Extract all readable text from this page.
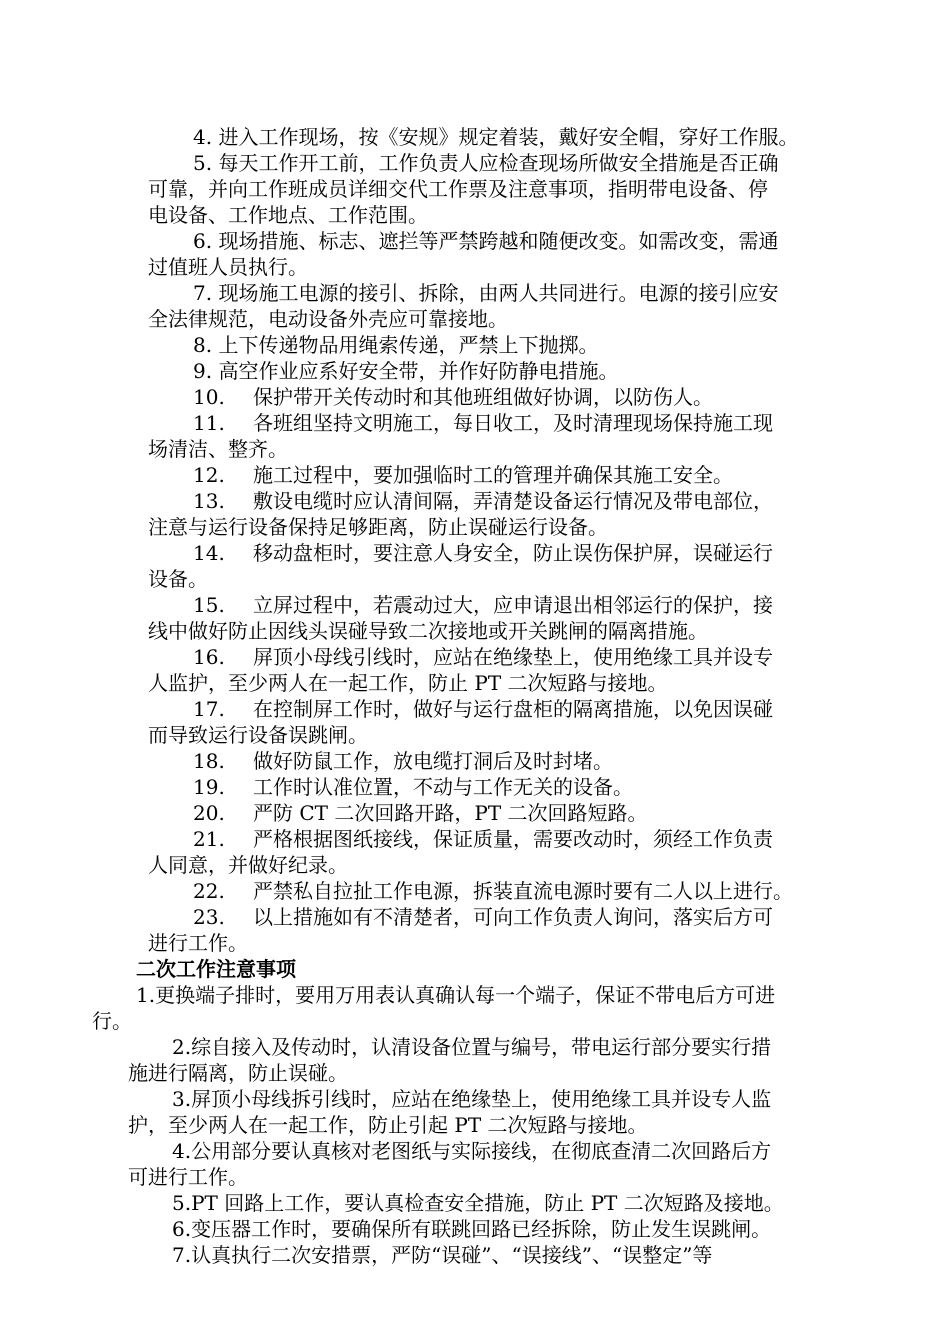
4. 进入工作现场，按《安规》规定着装，戴好安全帽，穿好工作服。
5. 每天工作开工前，工作负责人应检查现场所做安全措施是否正确
可靠，并向工作班成员详细交代工作票及注意事项，指明带电设备、停
电设备、工作地点、工作范围。
6. 现场措施、标志、遮拦等严禁跨越和随便改变。如需改变，需通
过值班人员执行。
7. 现场施工电源的接引、拆除，由两人共同进行。电源的接引应安
全法律规范，电动设备外壳应可靠接地。
8. 上下传递物品用绳索传递，严禁上下抛掷。
9. 高空作业应系好安全带，并作好防静电措施。
10. 保护带开关传动时和其他班组做好协调，以防伤人。
11. 各班组坚持文明施工，每日收工，及时清理现场保持施工现
场清洁、整齐。
12. 施工过程中，要加强临时工的管理并确保其施工安全。
13. 敷设电缆时应认清间隔，弄清楚设备运行情况及带电部位，
注意与运行设备保持足够距离，防止误碰运行设备。
14. 移动盘柜时，要注意人身安全，防止误伤保护屏，误碰运行
设备。
15. 立屏过程中，若震动过大，应申请退出相邻运行的保护，接
线中做好防止因线头误碰导致二次接地或开关跳闸的隔离措施。
16. 屏顶小母线引线时，应站在绝缘垫上，使用绝缘工具并设专
人监护，至少两人在一起工作，防止 PT 二次短路与接地。
17. 在控制屏工作时，做好与运行盘柜的隔离措施，以免因误碰
而导致运行设备误跳闸。
18. 做好防鼠工作，放电缆打洞后及时封堵。
19. 工作时认准位置，不动与工作无关的设备。
20. 严防 CT 二次回路开路，PT 二次回路短路。
21. 严格根据图纸接线，保证质量，需要改动时，须经工作负责
人同意，并做好纪录。
22. 严禁私自拉扯工作电源，拆装直流电源时要有二人以上进行。
23. 以上措施如有不清楚者，可向工作负责人询问，落实后方可
进行工作。
二次工作注意事项
1.更换端子排时，要用万用表认真确认每一个端子，保证不带电后方可进
行。
2.综自接入及传动时，认清设备位置与编号，带电运行部分要实行措
施进行隔离，防止误碰。
3.屏顶小母线拆引线时，应站在绝缘垫上，使用绝缘工具并设专人监
护，至少两人在一起工作，防止引起 PT 二次短路与接地。
4.公用部分要认真核对老图纸与实际接线，在彻底查清二次回路后方
可进行工作。
5.PT 回路上工作，要认真检查安全措施，防止 PT 二次短路及接地。
6.变压器工作时，要确保所有联跳回路已经拆除，防止发生误跳闸。
7.认真执行二次安措票，严防“误碰”、“误接线”、“误整定”等
